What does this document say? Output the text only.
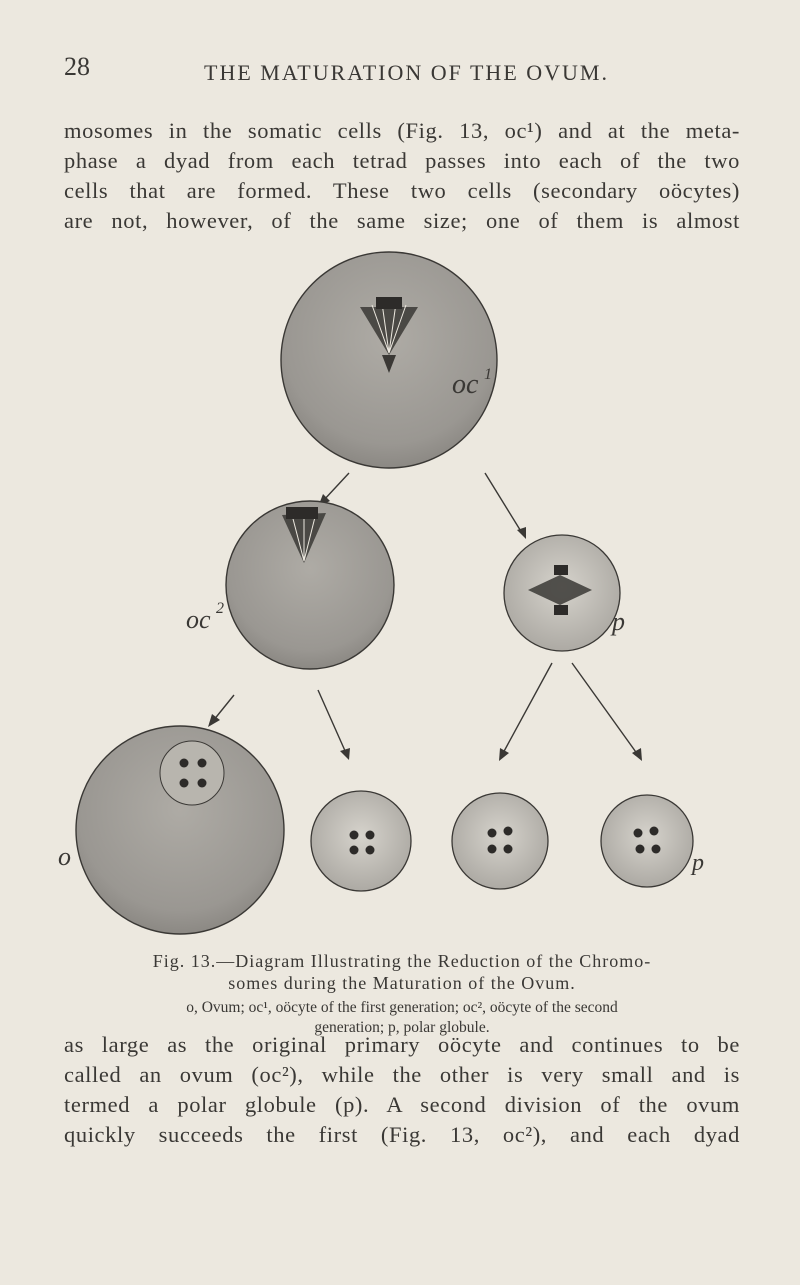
28	THE MATURATION OF THE OVUM.
mosomes in the somatic cells (Fig. 13, oc¹) and at the meta-
phase a dyad from each tetrad passes into each of the two
cells that are formed. These two cells (secondary oöcytes)
are not, however, of the same size; one of them is almost
oc 1
oc 2	p
o	p
Fig. 13.—Diagram Illustrating the Reduction of the Chromo-
somes during the Maturation of the Ovum.
o, Ovum; oc¹, oöcyte of the first generation; oc², oöcyte of the second
generation; p, polar globule.
as large as the original primary oöcyte and continues to be
called an ovum (oc²), while the other is very small and is
termed a polar globule (p). A second division of the ovum
quickly succeeds the first (Fig. 13, oc²), and each dyad
